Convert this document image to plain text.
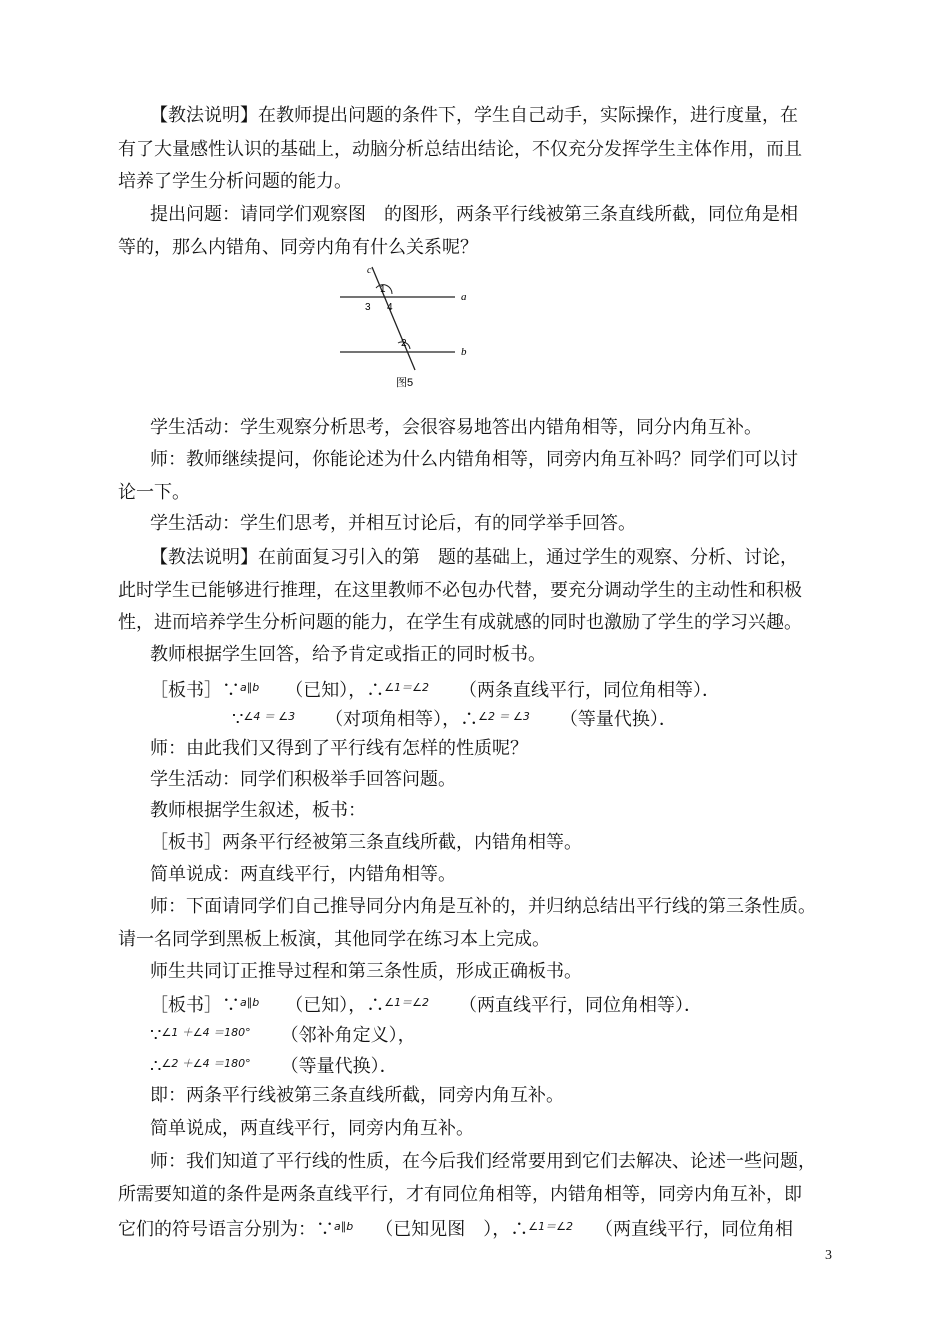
【教法说明】在教师提出问题的条件下，学生自己动手，实际操作，进行度量，在
有了大量感性认识的基础上，动脑分析总结出结论，不仅充分发挥学生主体作用，而且
培养了学生分析问题的能力。
提出问题：请同学们观察图　的图形，两条平行线被第三条直线所截，同位角是相
等的，那么内错角、同旁内角有什么关系呢？
c
a
b
1
3 4
2
图5
学生活动：学生观察分析思考，会很容易地答出内错角相等，同分内角互补。
师：教师继续提问，你能论述为什么内错角相等，同旁内角互补吗？同学们可以讨
论一下。
学生活动：学生们思考，并相互讨论后，有的同学举手回答。
【教法说明】在前面复习引入的第　题的基础上，通过学生的观察、分析、讨论，
此时学生已能够进行推理，在这里教师不必包办代替，要充分调动学生的主动性和积极
性，进而培养学生分析问题的能力，在学生有成就感的同时也激励了学生的学习兴趣。
教师根据学生回答，给予肯定或指正的同时板书。
［板书］∵$^{a\parallel b}$ （已知），∴$^{\angle 1=\angle 2}$ （两条直线平行，同位角相等）．
∵$^{\angle 4 = \angle 3}$ （对项角相等），∴$^{\angle 2 = \angle 3}$ （等量代换）．
师：由此我们又得到了平行线有怎样的性质呢？
学生活动：同学们积极举手回答问题。
教师根据学生叙述，板书：
［板书］两条平行经被第三条直线所截，内错角相等。
简单说成：两直线平行，内错角相等。
师：下面请同学们自己推导同分内角是互补的，并归纳总结出平行线的第三条性质。
请一名同学到黑板上板演，其他同学在练习本上完成。
师生共同订正推导过程和第三条性质，形成正确板书。
［板书］∵$^{a\parallel b}$ （已知），∴$^{\angle 1=\angle 2}$ （两直线平行，同位角相等）．
∵$^{\angle 1 +\angle 4 =180^\circ}$ （邻补角定义），
∴$^{\angle 2 +\angle 4 =180^\circ}$ （等量代换）．
即：两条平行线被第三条直线所截，同旁内角互补。
简单说成，两直线平行，同旁内角互补。
师：我们知道了平行线的性质，在今后我们经常要用到它们去解决、论述一些问题，
所需要知道的条件是两条直线平行，才有同位角相等，内错角相等，同旁内角互补，即
它们的符号语言分别为：∵$^{a\parallel b}$ （已知见图　），∴$^{\angle 1=\angle 2}$ （两直线平行，同位角相
3
